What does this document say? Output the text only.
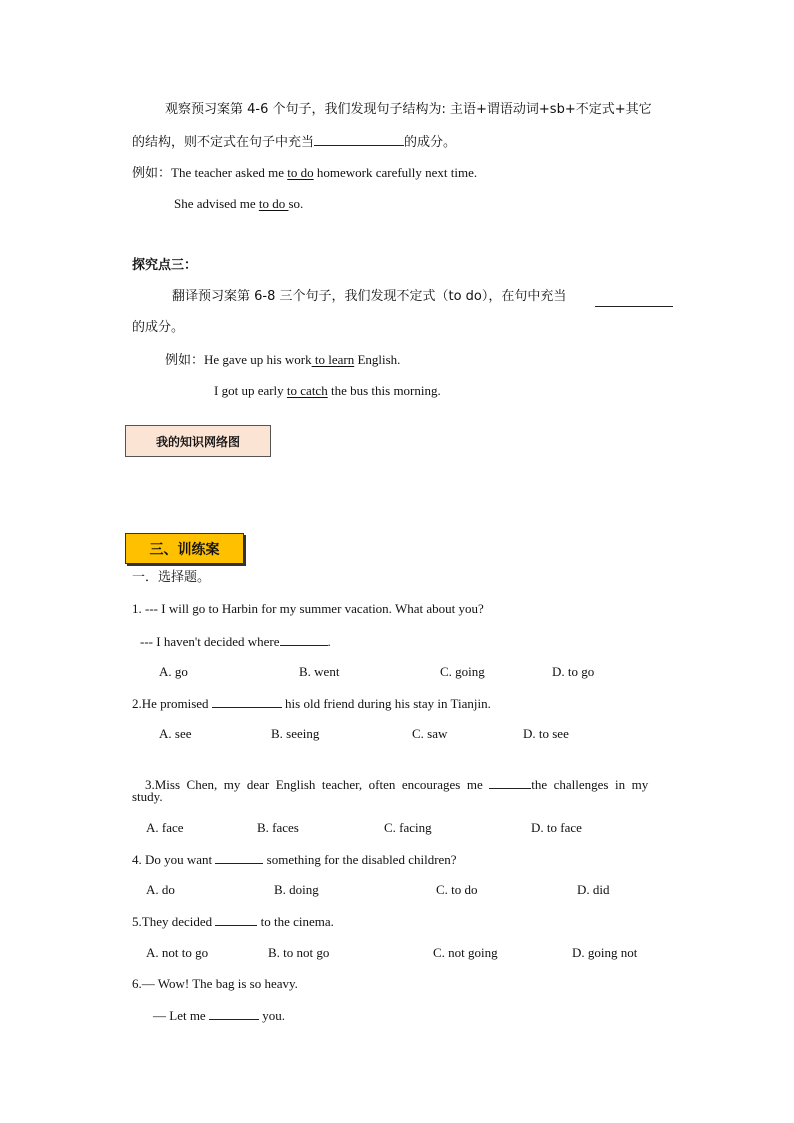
观察预习案第 4-6 个句子，我们发现句子结构为: 主语+谓语动词+sb+不定式+其它
的结构，则不定式在句子中充当	的成分。
例如：The teacher asked me to do homework carefully next time.
She advised me to do so.
探究点三：
翻译预习案第 6-8 三个句子，我们发现不定式（to do），在句中充当
的成分。
例如：He gave up his work to learn English.
I got up early to catch the bus this morning.
我的知识网络图
三、训练案
一．选择题。
1. --- I will go to Harbin for my summer vacation. What about you?
--- I haven't decided where	.
A. go	B. went	C. going	D. to go
2.He promised	his old friend during his stay in Tianjin.
A. see	B. seeing	C. saw	D. to see

3.Miss  Chen,  my  dear  English  teacher,  often  encourages  me	the  challenges  in  my

study.
A. face	B. faces	C. facing	D. to face
4. Do you want	something for the disabled children?
A. do	B. doing	C. to do	D. did
5.They decided	to the cinema.
A. not to go	B. to not go	C. not going	D. going not
6.— Wow! The bag is so heavy.
— Let me	you.
